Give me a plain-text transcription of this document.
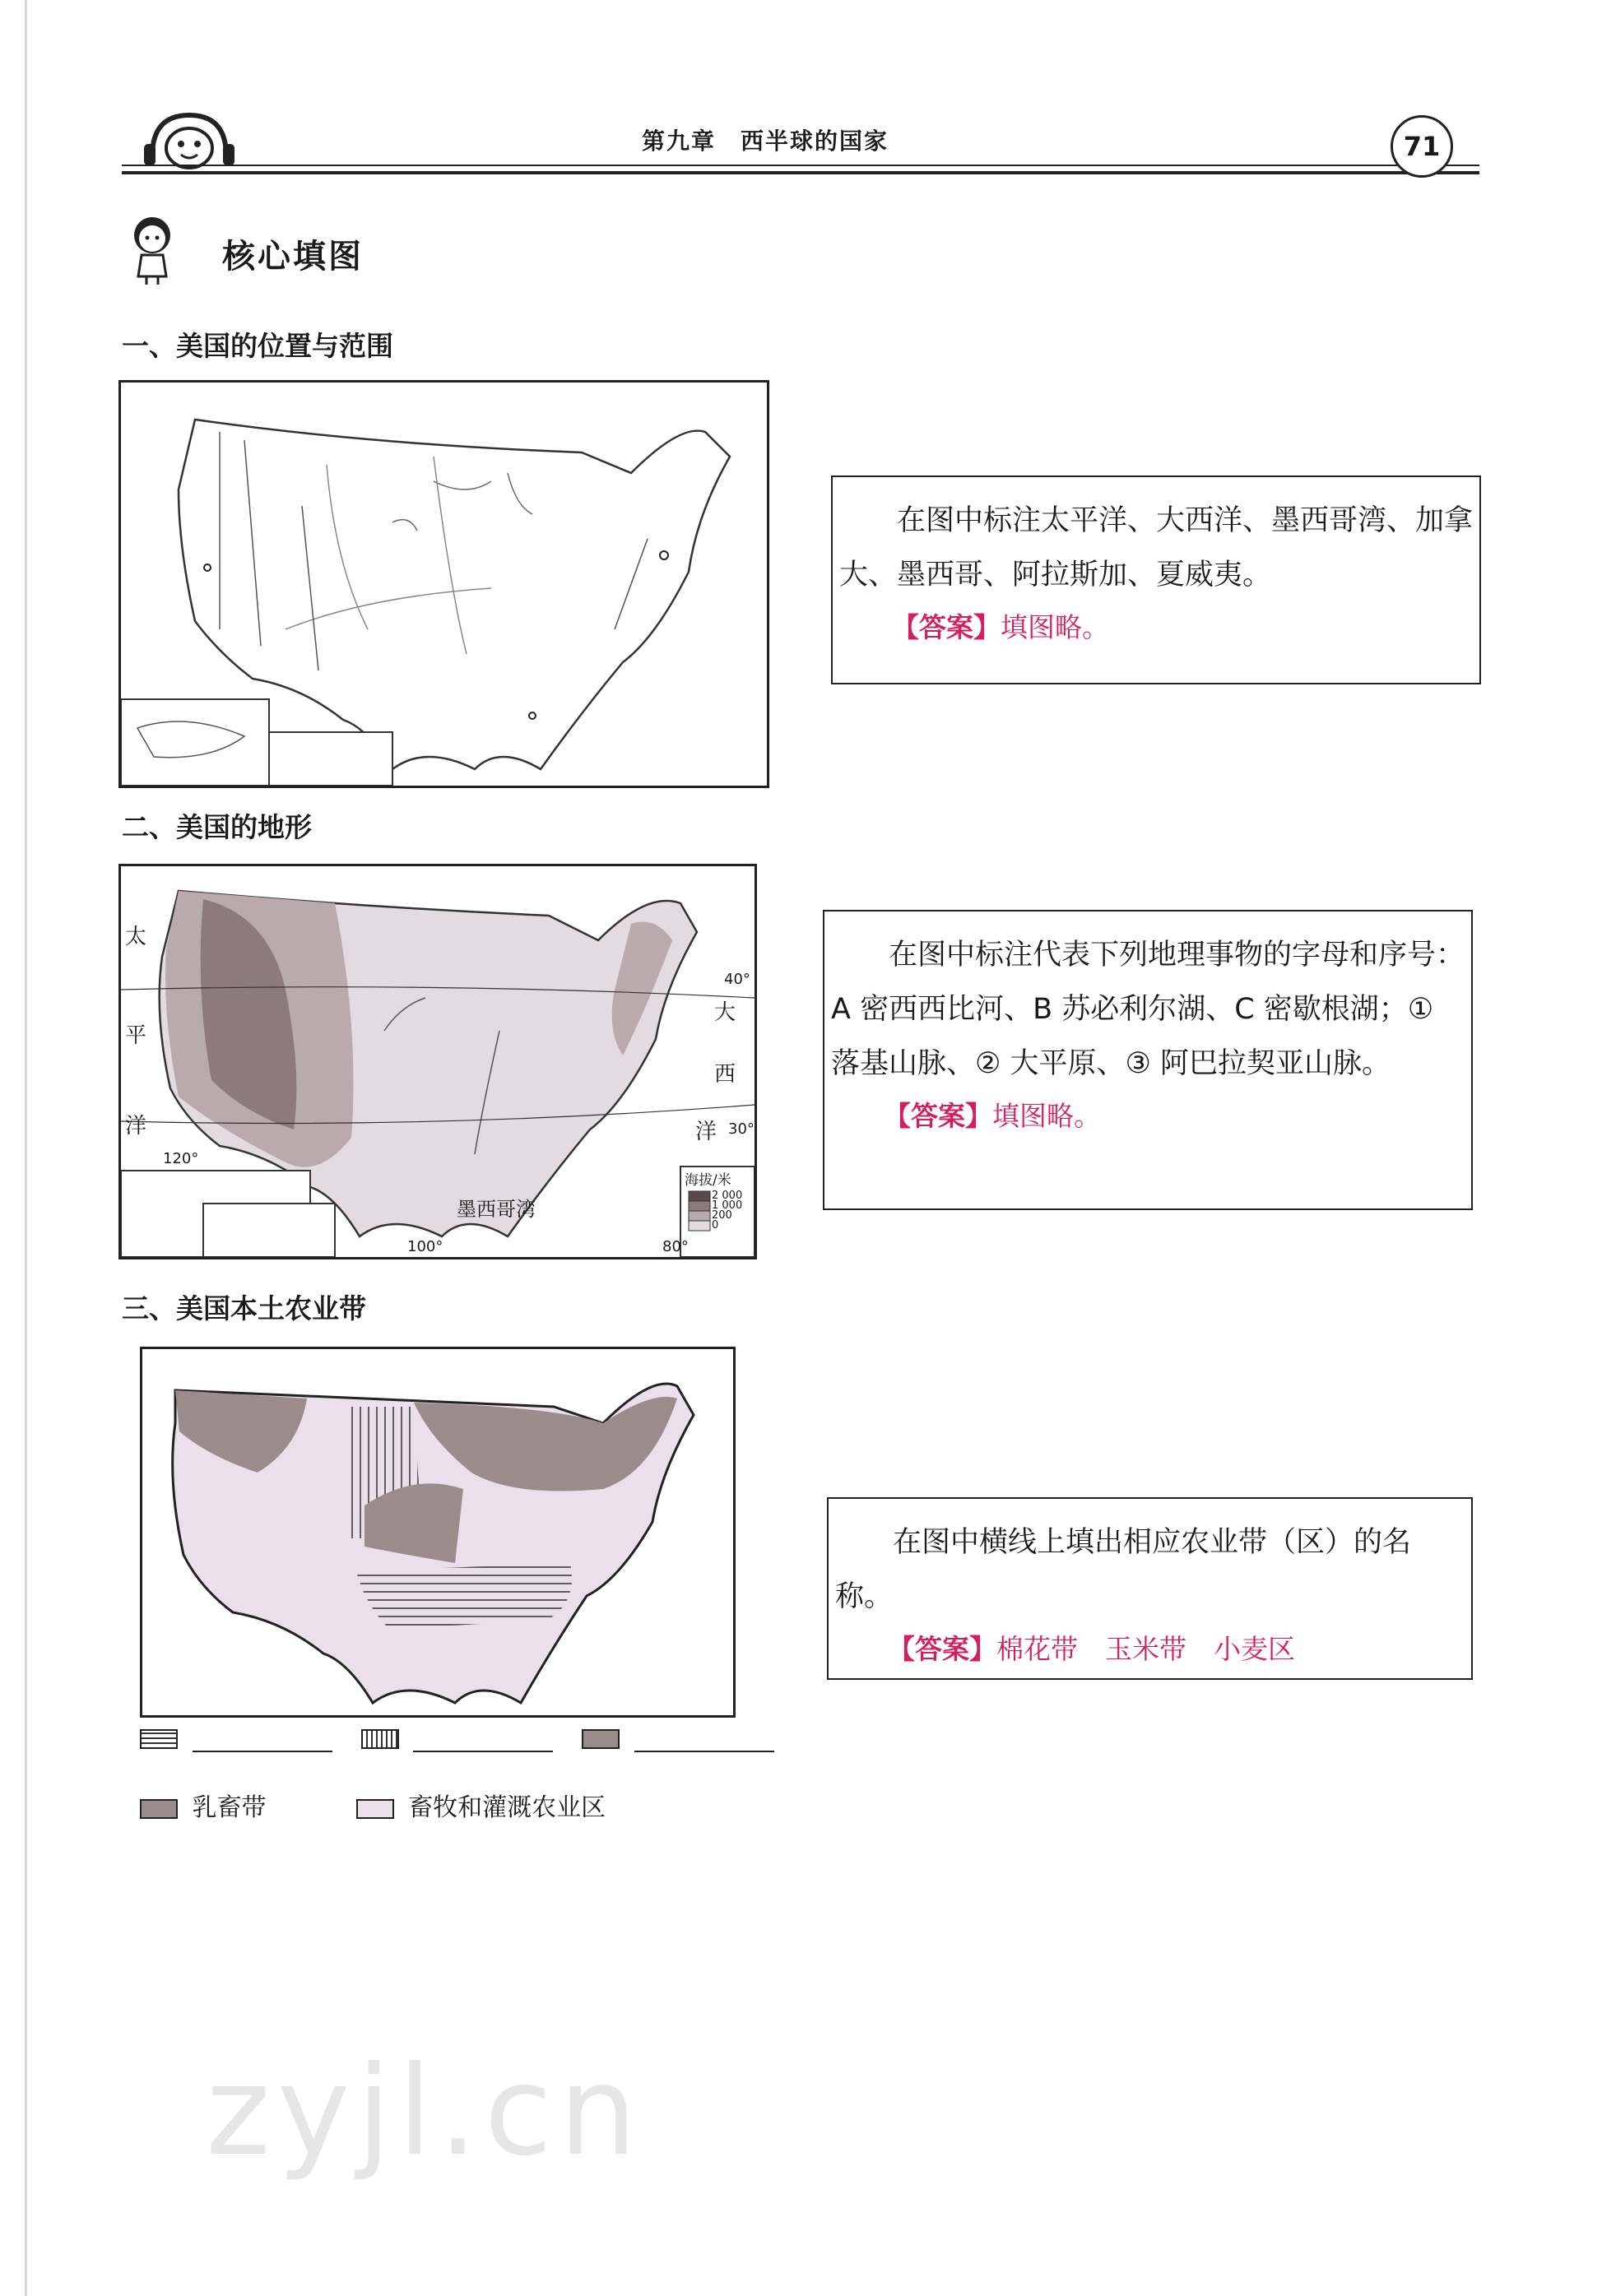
第九章　西半球的国家	71
核心填图
一、美国的位置与范围

在图中标注太平洋、大西洋、墨西哥湾、加拿大、墨西哥、阿拉斯加、夏威夷。

【答案】填图略。
二、美国的地形
太
平
洋
大
西
洋
墨西哥湾
40°
30°
120°
100°	80°
海拔/米
2 000
1 000
200
0

在图中标注代表下列地理事物的字母和序号：A 密西西比河、B 苏必利尔湖、C 密歇根湖；① 落基山脉、② 大平原、③ 阿巴拉契亚山脉。

【答案】填图略。
三、美国本土农业带

在图中横线上填出相应农业带（区）的名称。

【答案】棉花带　玉米带　小麦区

乳畜带	畜牧和灌溉农业区
zyjl.cn
